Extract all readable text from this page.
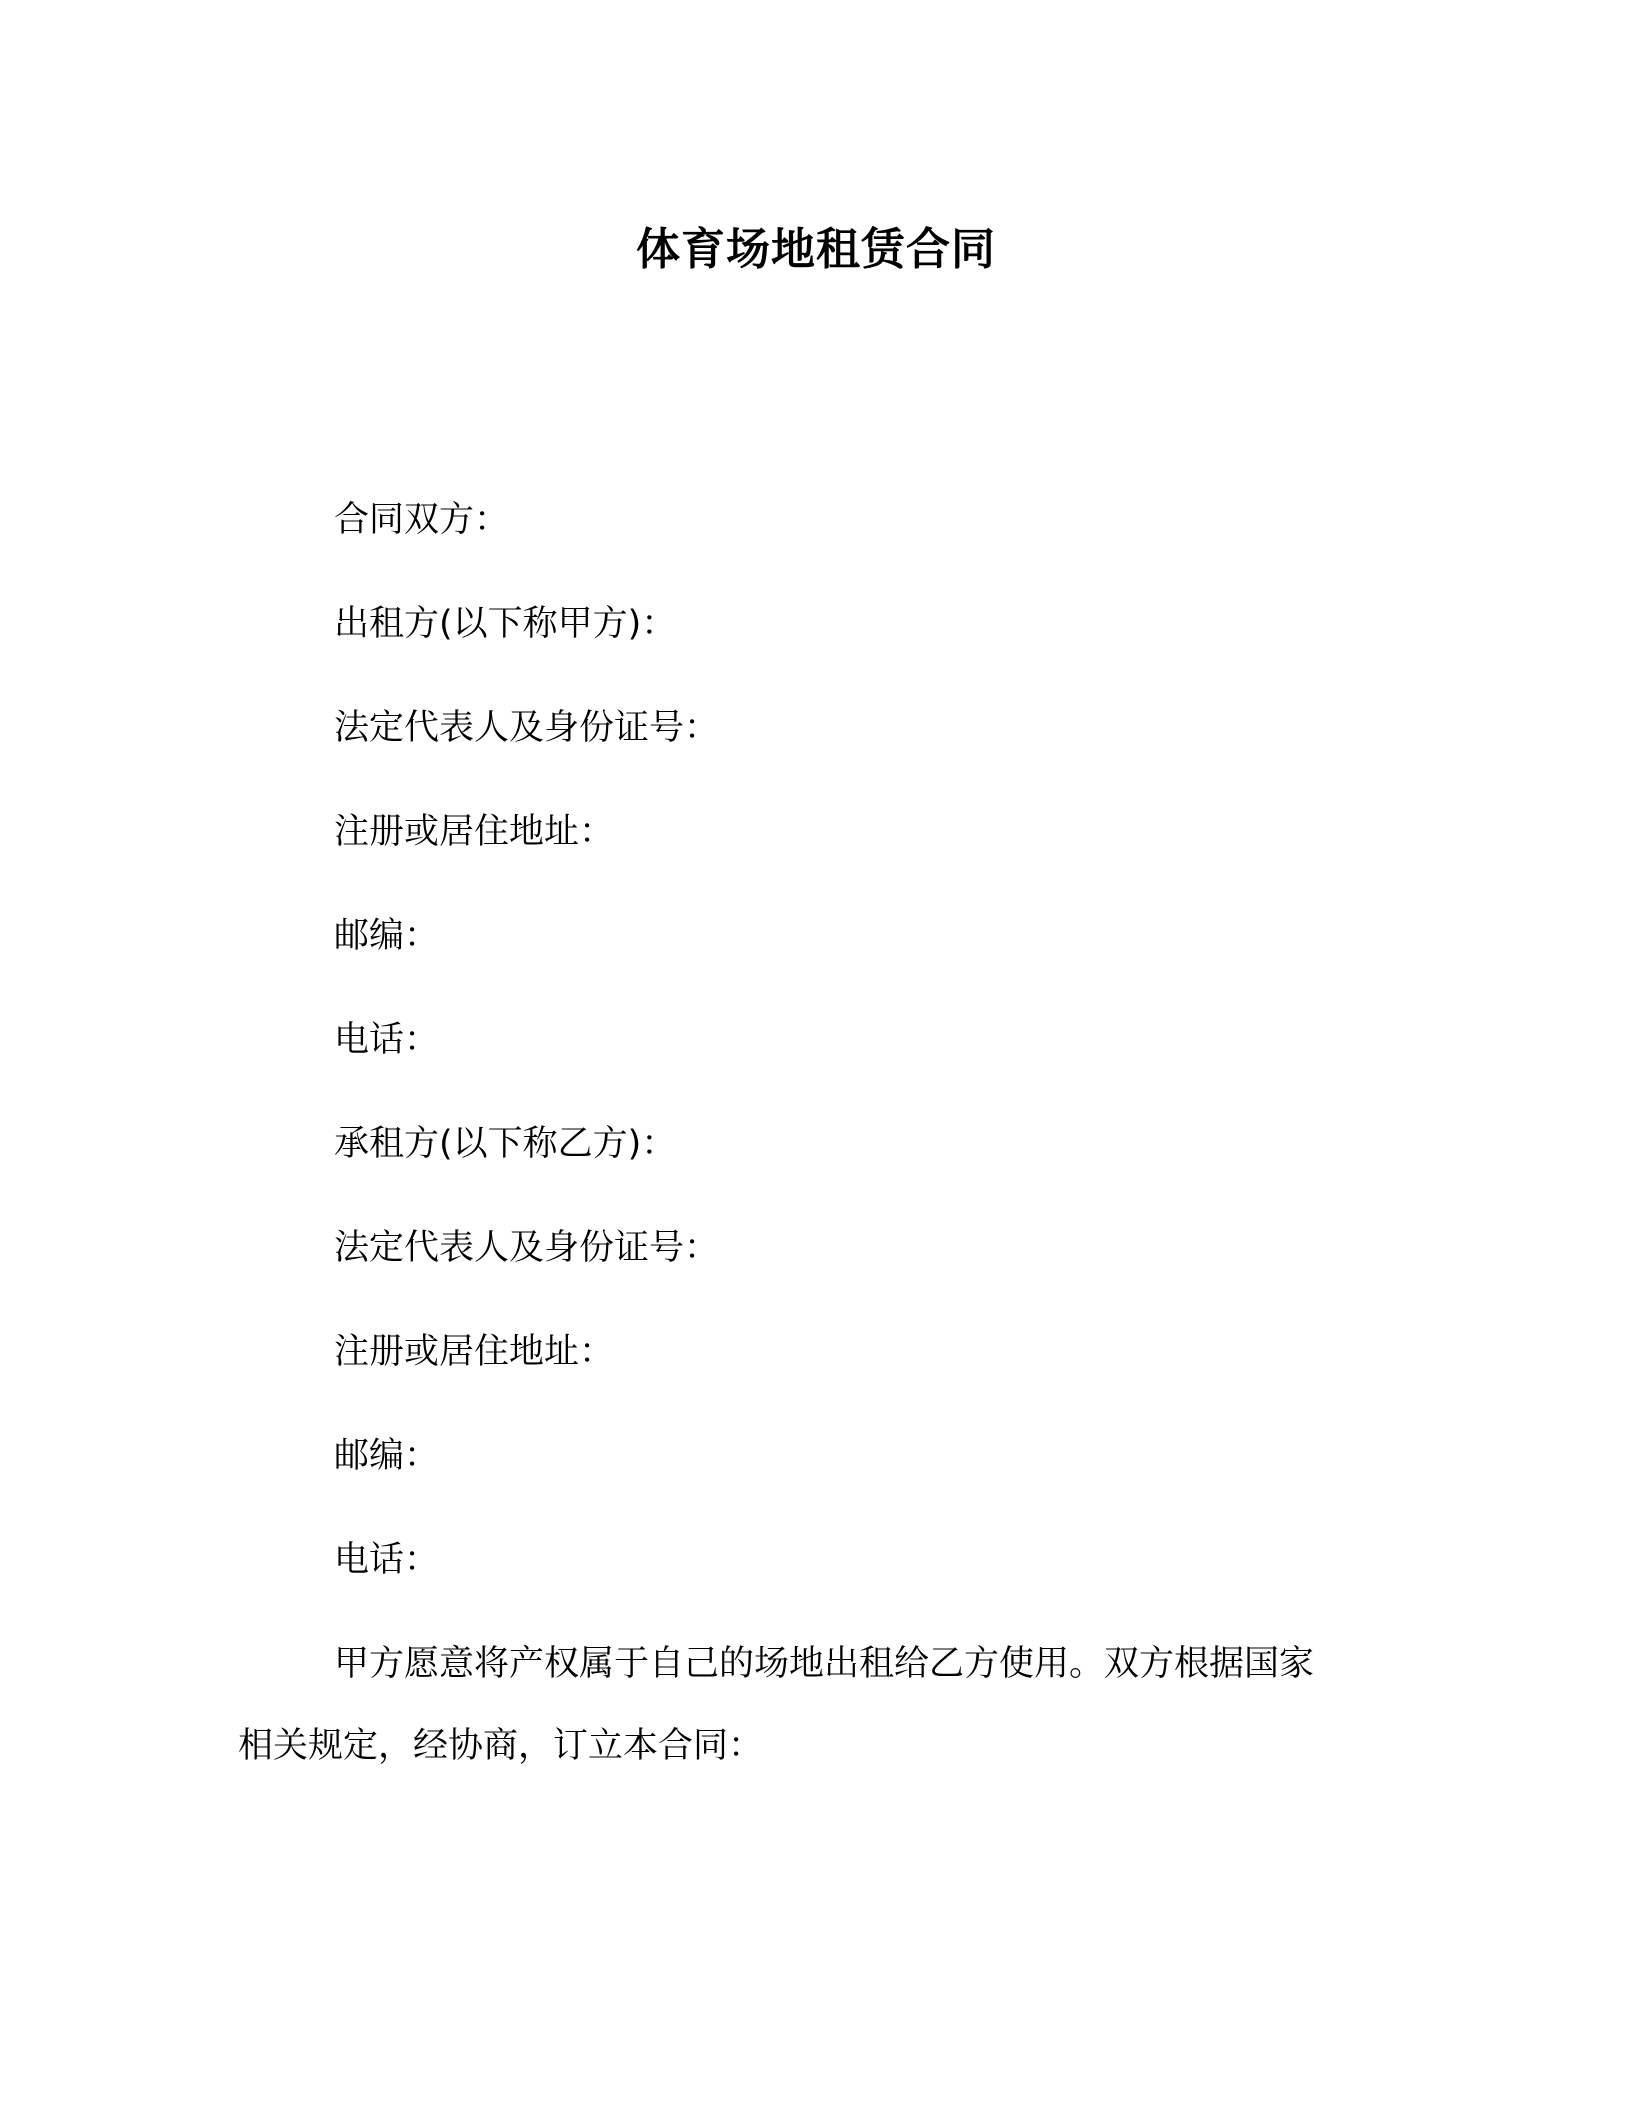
体育场地租赁合同
合同双方：
出租方(以下称甲方)：
法定代表人及身份证号：
注册或居住地址：
邮编：
电话：
承租方(以下称乙方)：
法定代表人及身份证号：
注册或居住地址：
邮编：
电话：
甲方愿意将产权属于自己的场地出租给乙方使用。双方根据国家
相关规定，经协商，订立本合同：
